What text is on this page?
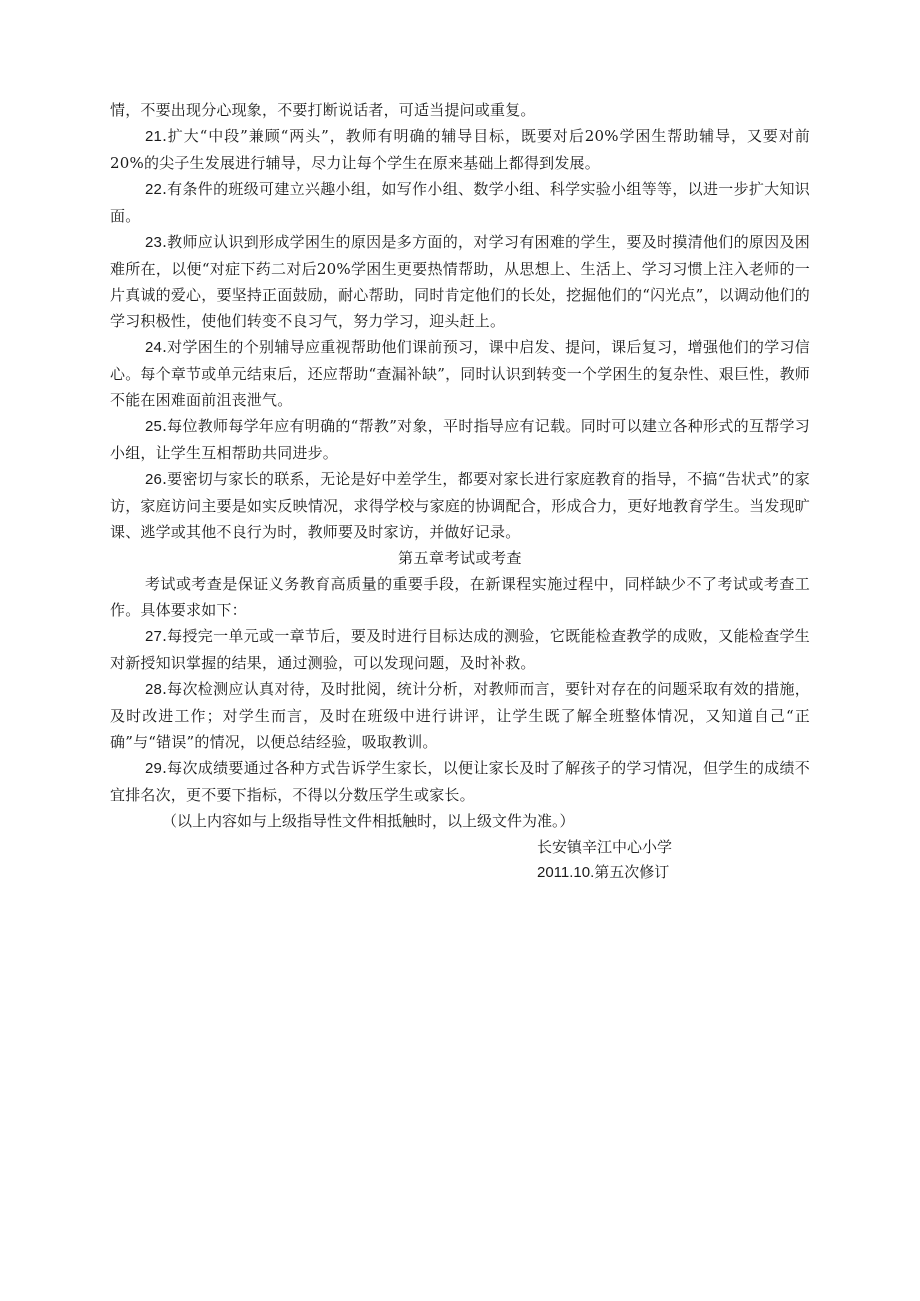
情，不要出现分心现象，不要打断说话者，可适当提问或重复。

21.扩大“中段”兼顾“两头”，教师有明确的辅导目标，既要对后20%学困生帮助辅导，又要对前20%的尖子生发展进行辅导，尽力让每个学生在原来基础上都得到发展。

22.有条件的班级可建立兴趣小组，如写作小组、数学小组、科学实验小组等等，以进一步扩大知识面。

23.教师应认识到形成学困生的原因是多方面的，对学习有困难的学生，要及时摸清他们的原因及困难所在，以便“对症下药二对后20%学困生更要热情帮助，从思想上、生活上、学习习惯上注入老师的一片真诚的爱心，要坚持正面鼓励，耐心帮助，同时肯定他们的长处，挖掘他们的“闪光点”，以调动他们的学习积极性，使他们转变不良习气，努力学习，迎头赶上。

24.对学困生的个别辅导应重视帮助他们课前预习，课中启发、提问，课后复习，增强他们的学习信心。每个章节或单元结束后，还应帮助“查漏补缺”，同时认识到转变一个学困生的复杂性、艰巨性，教师不能在困难面前沮丧泄气。

25.每位教师每学年应有明确的“帮教”对象，平时指导应有记载。同时可以建立各种形式的互帮学习小组，让学生互相帮助共同进步。

26.要密切与家长的联系，无论是好中差学生，都要对家长进行家庭教育的指导，不搞“告状式”的家访，家庭访问主要是如实反映情况，求得学校与家庭的协调配合，形成合力，更好地教育学生。当发现旷课、逃学或其他不良行为时，教师要及时家访，并做好记录。

第五章考试或考查

考试或考查是保证义务教育高质量的重要手段，在新课程实施过程中，同样缺少不了考试或考查工作。具体要求如下：

27.每授完一单元或一章节后，要及时进行目标达成的测验，它既能检查教学的成败，又能检查学生对新授知识掌握的结果，通过测验，可以发现问题，及时补救。

28.每次检测应认真对待，及时批阅，统计分析，对教师而言，要针对存在的问题采取有效的措施，及时改进工作；对学生而言，及时在班级中进行讲评，让学生既了解全班整体情况，又知道自己“正确”与“错误”的情况，以便总结经验，吸取教训。

29.每次成绩要通过各种方式告诉学生家长，以便让家长及时了解孩子的学习情况，但学生的成绩不宜排名次，更不要下指标，不得以分数压学生或家长。

（以上内容如与上级指导性文件相抵触时，以上级文件为准。）

长安镇辛江中心小学

2011.10.第五次修订
